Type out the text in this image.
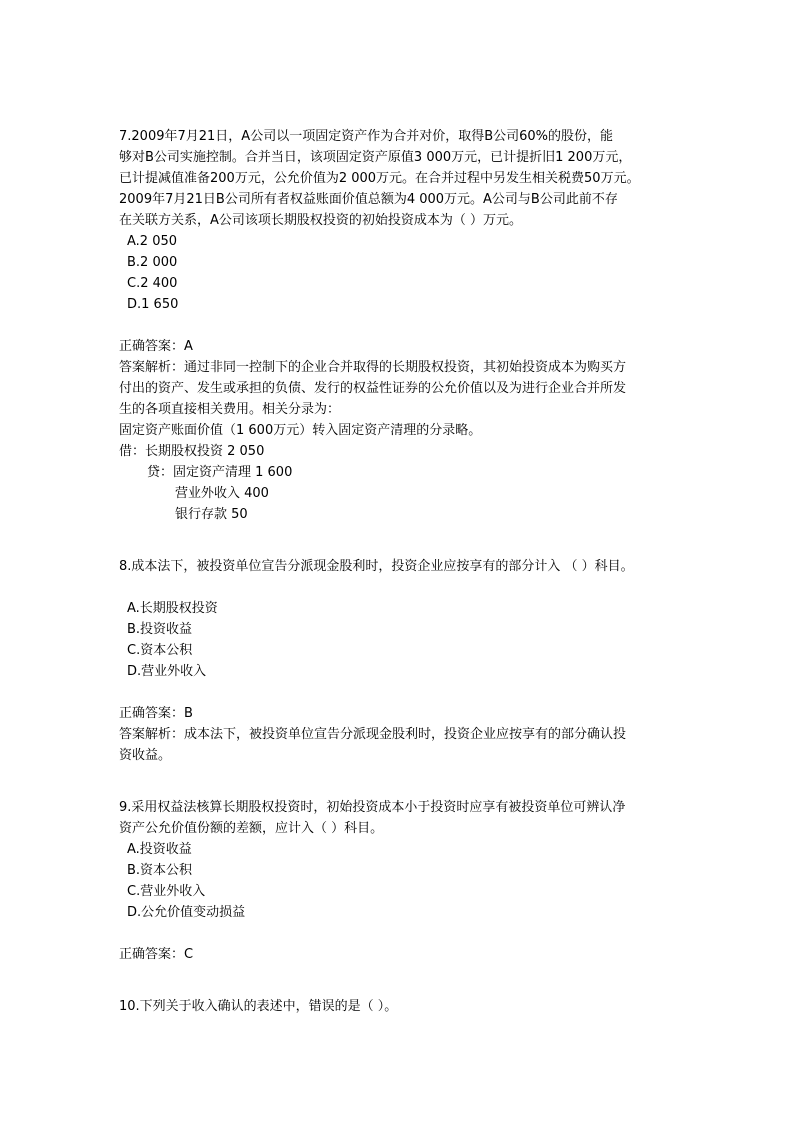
7.2009年7月21日，A公司以一项固定资产作为合并对价，取得B公司60%的股份，能

够对B公司实施控制。合并当日，该项固定资产原值3 000万元，已计提折旧1 200万元，

已计提减值准备200万元，公允价值为2 000万元。在合并过程中另发生相关税费50万元。

2009年7月21日B公司所有者权益账面价值总额为4 000万元。A公司与B公司此前不存

在关联方关系，A公司该项长期股权投资的初始投资成本为（ ）万元。

A.2 050

B.2 000

C.2 400

D.1 650

正确答案：A

答案解析：通过非同一控制下的企业合并取得的长期股权投资，其初始投资成本为购买方

付出的资产、发生或承担的负债、发行的权益性证券的公允价值以及为进行企业合并所发

生的各项直接相关费用。相关分录为：

固定资产账面价值（1 600万元）转入固定资产清理的分录略。

借：长期股权投资 2 050

贷：固定资产清理 1 600

营业外收入 400

银行存款 50

8.成本法下，被投资单位宣告分派现金股利时，投资企业应按享有的部分计入 （ ）科目。

A.长期股权投资

B.投资收益

C.资本公积

D.营业外收入

正确答案：B

答案解析：成本法下，被投资单位宣告分派现金股利时，投资企业应按享有的部分确认投

资收益。

9.采用权益法核算长期股权投资时，初始投资成本小于投资时应享有被投资单位可辨认净

资产公允价值份额的差额，应计入（ ）科目。

A.投资收益

B.资本公积

C.营业外收入

D.公允价值变动损益

正确答案：C

10.下列关于收入确认的表述中，错误的是（ ）。
